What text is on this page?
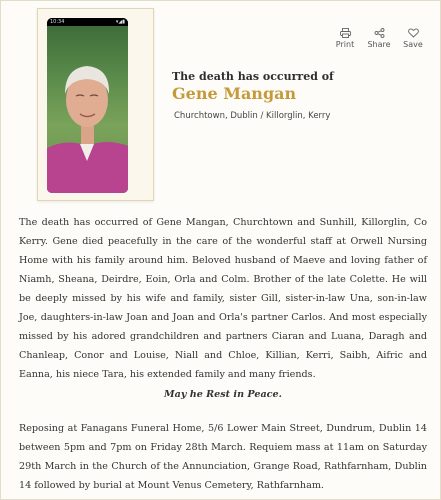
10:34	▾◢▮
Print	Share	Save
The death has occurred of
Gene Mangan
Churchtown, Dublin / Killorglin, Kerry

The death has occurred of Gene Mangan, Churchtown and Sunhill, Killorglin, Co Kerry. Gene died peacefully in the care of the wonderful staff at Orwell Nursing Home with his family around him. Beloved husband of Maeve and loving father of Niamh, Sheana, Deirdre, Eoin, Orla and Colm. Brother of the late Colette. He will be deeply missed by his wife and family, sister Gill, sister-in-law Una, son-in-law Joe, daughters-in-law Joan and Joan and Orla's partner Carlos. And most especially missed by his adored grandchildren and partners Ciaran and Luana, Daragh and Chanleap, Conor and Louise, Niall and Chloe, Killian, Kerri, Saibh, Aifric and Eanna, his niece Tara, his extended family and many friends.

May he Rest in Peace.

Reposing at Fanagans Funeral Home, 5/6 Lower Main Street, Dundrum, Dublin 14 between 5pm and 7pm on Friday 28th March. Requiem mass at 11am on Saturday 29th March in the Church of the Annunciation, Grange Road, Rathfarnham, Dublin 14 followed by burial at Mount Venus Cemetery, Rathfarnham.
